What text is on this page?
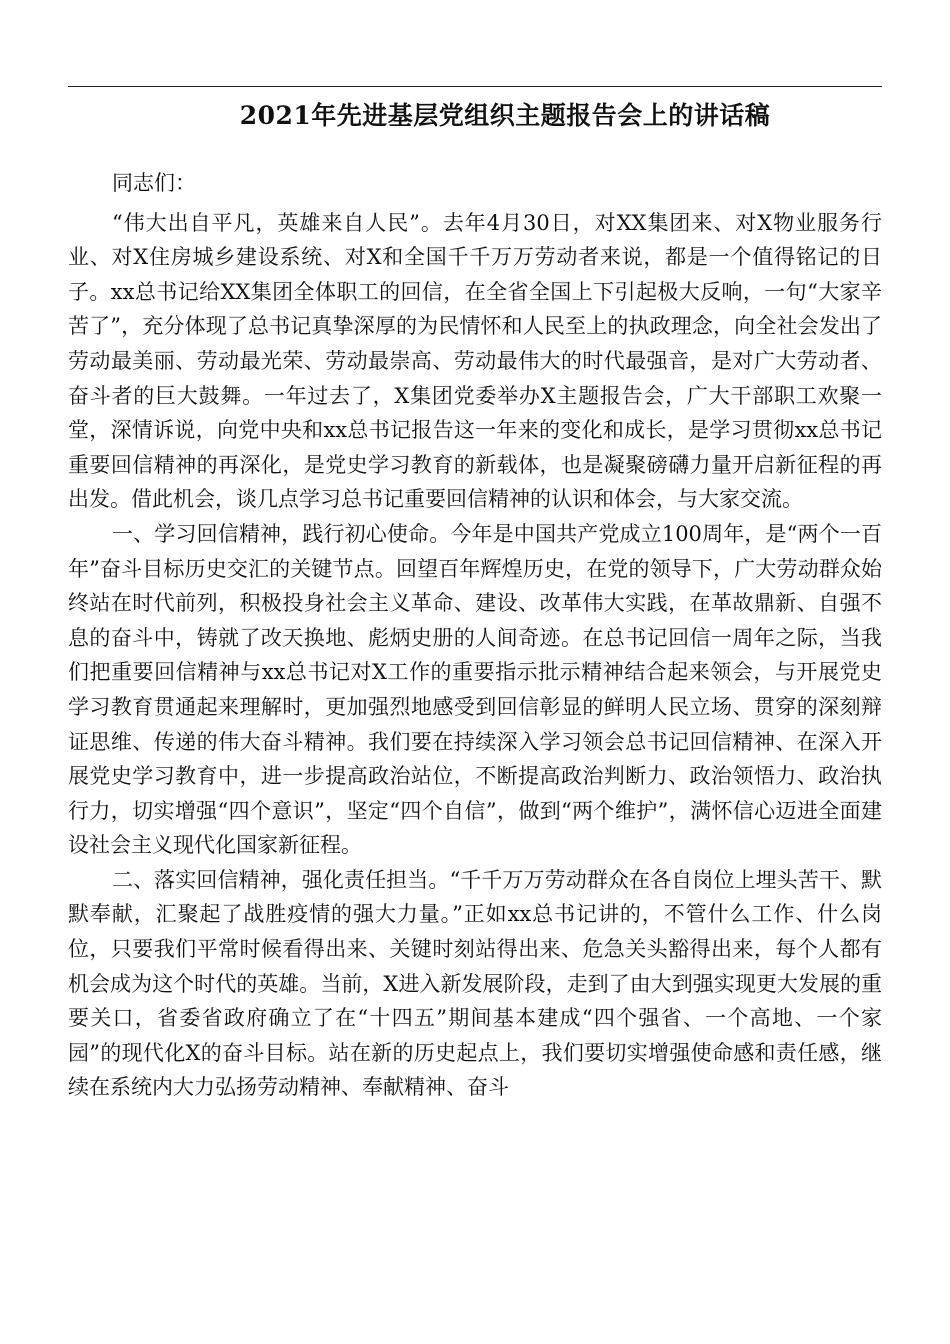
2021年先进基层党组织主题报告会上的讲话稿

同志们：

“伟大出自平凡，英雄来自人民”。去年4月30日，对XX集团来、对X物业服务行业、对X住房城乡建设系统、对X和全国千千万万劳动者来说，都是一个值得铭记的日子。xx总书记给XX集团全体职工的回信，在全省全国上下引起极大反响，一句“大家辛苦了”，充分体现了总书记真挚深厚的为民情怀和人民至上的执政理念，向全社会发出了劳动最美丽、劳动最光荣、劳动最崇高、劳动最伟大的时代最强音，是对广大劳动者、奋斗者的巨大鼓舞。一年过去了，X集团党委举办X主题报告会，广大干部职工欢聚一堂，深情诉说，向党中央和xx总书记报告这一年来的变化和成长，是学习贯彻xx总书记重要回信精神的再深化，是党史学习教育的新载体，也是凝聚磅礴力量开启新征程的再出发。借此机会，谈几点学习总书记重要回信精神的认识和体会，与大家交流。

一、学习回信精神，践行初心使命。今年是中国共产党成立100周年，是“两个一百年”奋斗目标历史交汇的关键节点。回望百年辉煌历史，在党的领导下，广大劳动群众始终站在时代前列，积极投身社会主义革命、建设、改革伟大实践，在革故鼎新、自强不息的奋斗中，铸就了改天换地、彪炳史册的人间奇迹。在总书记回信一周年之际，当我们把重要回信精神与xx总书记对X工作的重要指示批示精神结合起来领会，与开展党史学习教育贯通起来理解时，更加强烈地感受到回信彰显的鲜明人民立场、贯穿的深刻辩证思维、传递的伟大奋斗精神。我们要在持续深入学习领会总书记回信精神、在深入开展党史学习教育中，进一步提高政治站位，不断提高政治判断力、政治领悟力、政治执行力，切实增强“四个意识”，坚定“四个自信”，做到“两个维护”，满怀信心迈进全面建设社会主义现代化国家新征程。

二、落实回信精神，强化责任担当。“千千万万劳动群众在各自岗位上埋头苦干、默默奉献，汇聚起了战胜疫情的强大力量。”正如xx总书记讲的，不管什么工作、什么岗位，只要我们平常时候看得出来、关键时刻站得出来、危急关头豁得出来，每个人都有机会成为这个时代的英雄。当前，X进入新发展阶段，走到了由大到强实现更大发展的重要关口，省委省政府确立了在“十四五”期间基本建成“四个强省、一个高地、一个家园”的现代化X的奋斗目标。站在新的历史起点上，我们要切实增强使命感和责任感，继续在系统内大力弘扬劳动精神、奉献精神、奋斗
